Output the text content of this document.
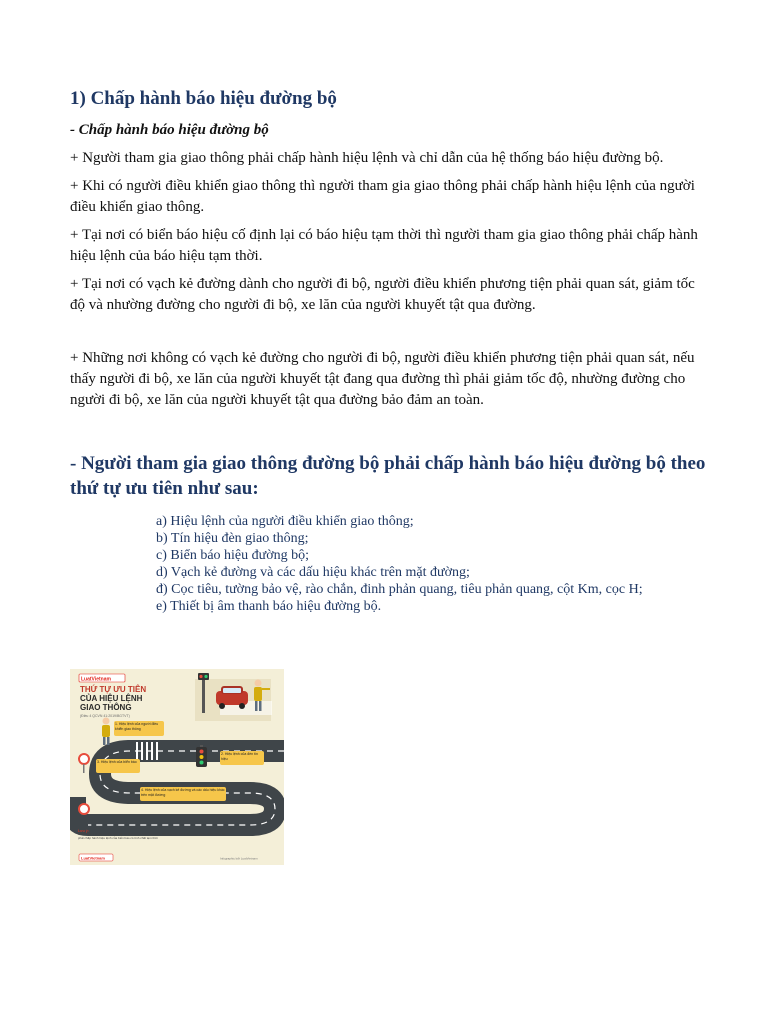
1) Chấp hành báo hiệu đường bộ
- Chấp hành báo hiệu đường bộ

+ Người tham gia giao thông phải chấp hành hiệu lệnh và chỉ dẫn của hệ thống báo hiệu đường bộ.

+ Khi có người điều khiển giao thông thì người tham gia giao thông phải chấp hành hiệu lệnh của người điều khiển giao thông.

+ Tại nơi có biển báo hiệu cố định lại có báo hiệu tạm thời thì người tham gia giao thông phải chấp hành hiệu lệnh của báo hiệu tạm thời.

+ Tại nơi có vạch kẻ đường dành cho người đi bộ, người điều khiển phương tiện phải quan sát, giảm tốc độ và nhường đường cho người đi bộ, xe lăn của người khuyết tật qua đường.

+ Những nơi không có vạch kẻ đường cho người đi bộ, người điều khiển phương tiện phải quan sát, nếu thấy người đi bộ, xe lăn của người khuyết tật đang qua đường thì phải giảm tốc độ, nhường đường cho người đi bộ, xe lăn của người khuyết tật qua đường bảo đảm an toàn.

- Người tham gia giao thông đường bộ phải chấp hành báo hiệu đường bộ theo thứ tự ưu tiên như sau:
a) Hiệu lệnh của người điều khiển giao thông;
b) Tín hiệu đèn giao thông;
c) Biển báo hiệu đường bộ;
d) Vạch kẻ đường và các dấu hiệu khác trên mặt đường;
đ) Cọc tiêu, tường bảo vệ, rào chắn, đinh phản quang, tiêu phản quang, cột Km, cọc H;
e) Thiết bị âm thanh báo hiệu đường bộ.
LuatVietnam
THỨ TỰ ƯU TIÊN
CỦA HIỆU LỆNH
GIAO THÔNG
(Điều 4 QCVN 41:2019/BGTVT)
1. Hiệu lệnh của người điều khiển giao thông
2. Hiệu lệnh của đèn tín hiệu
3. Hiệu lệnh của biển báo
4. Hiệu lệnh của vạch kẻ đường và các dấu hiệu khác trên mặt đường
Lưu ý:
Khi ở một vị trí đã có biển báo đặt cố định lại có biển báo khác đặt tạm thời mà 2 biển có ý nghĩa khác nhau thì phải chấp hành hiệu lệnh của biển báo có tính chất tạm thời
LuatVietnam	Infographic bởi LuatVietnam
